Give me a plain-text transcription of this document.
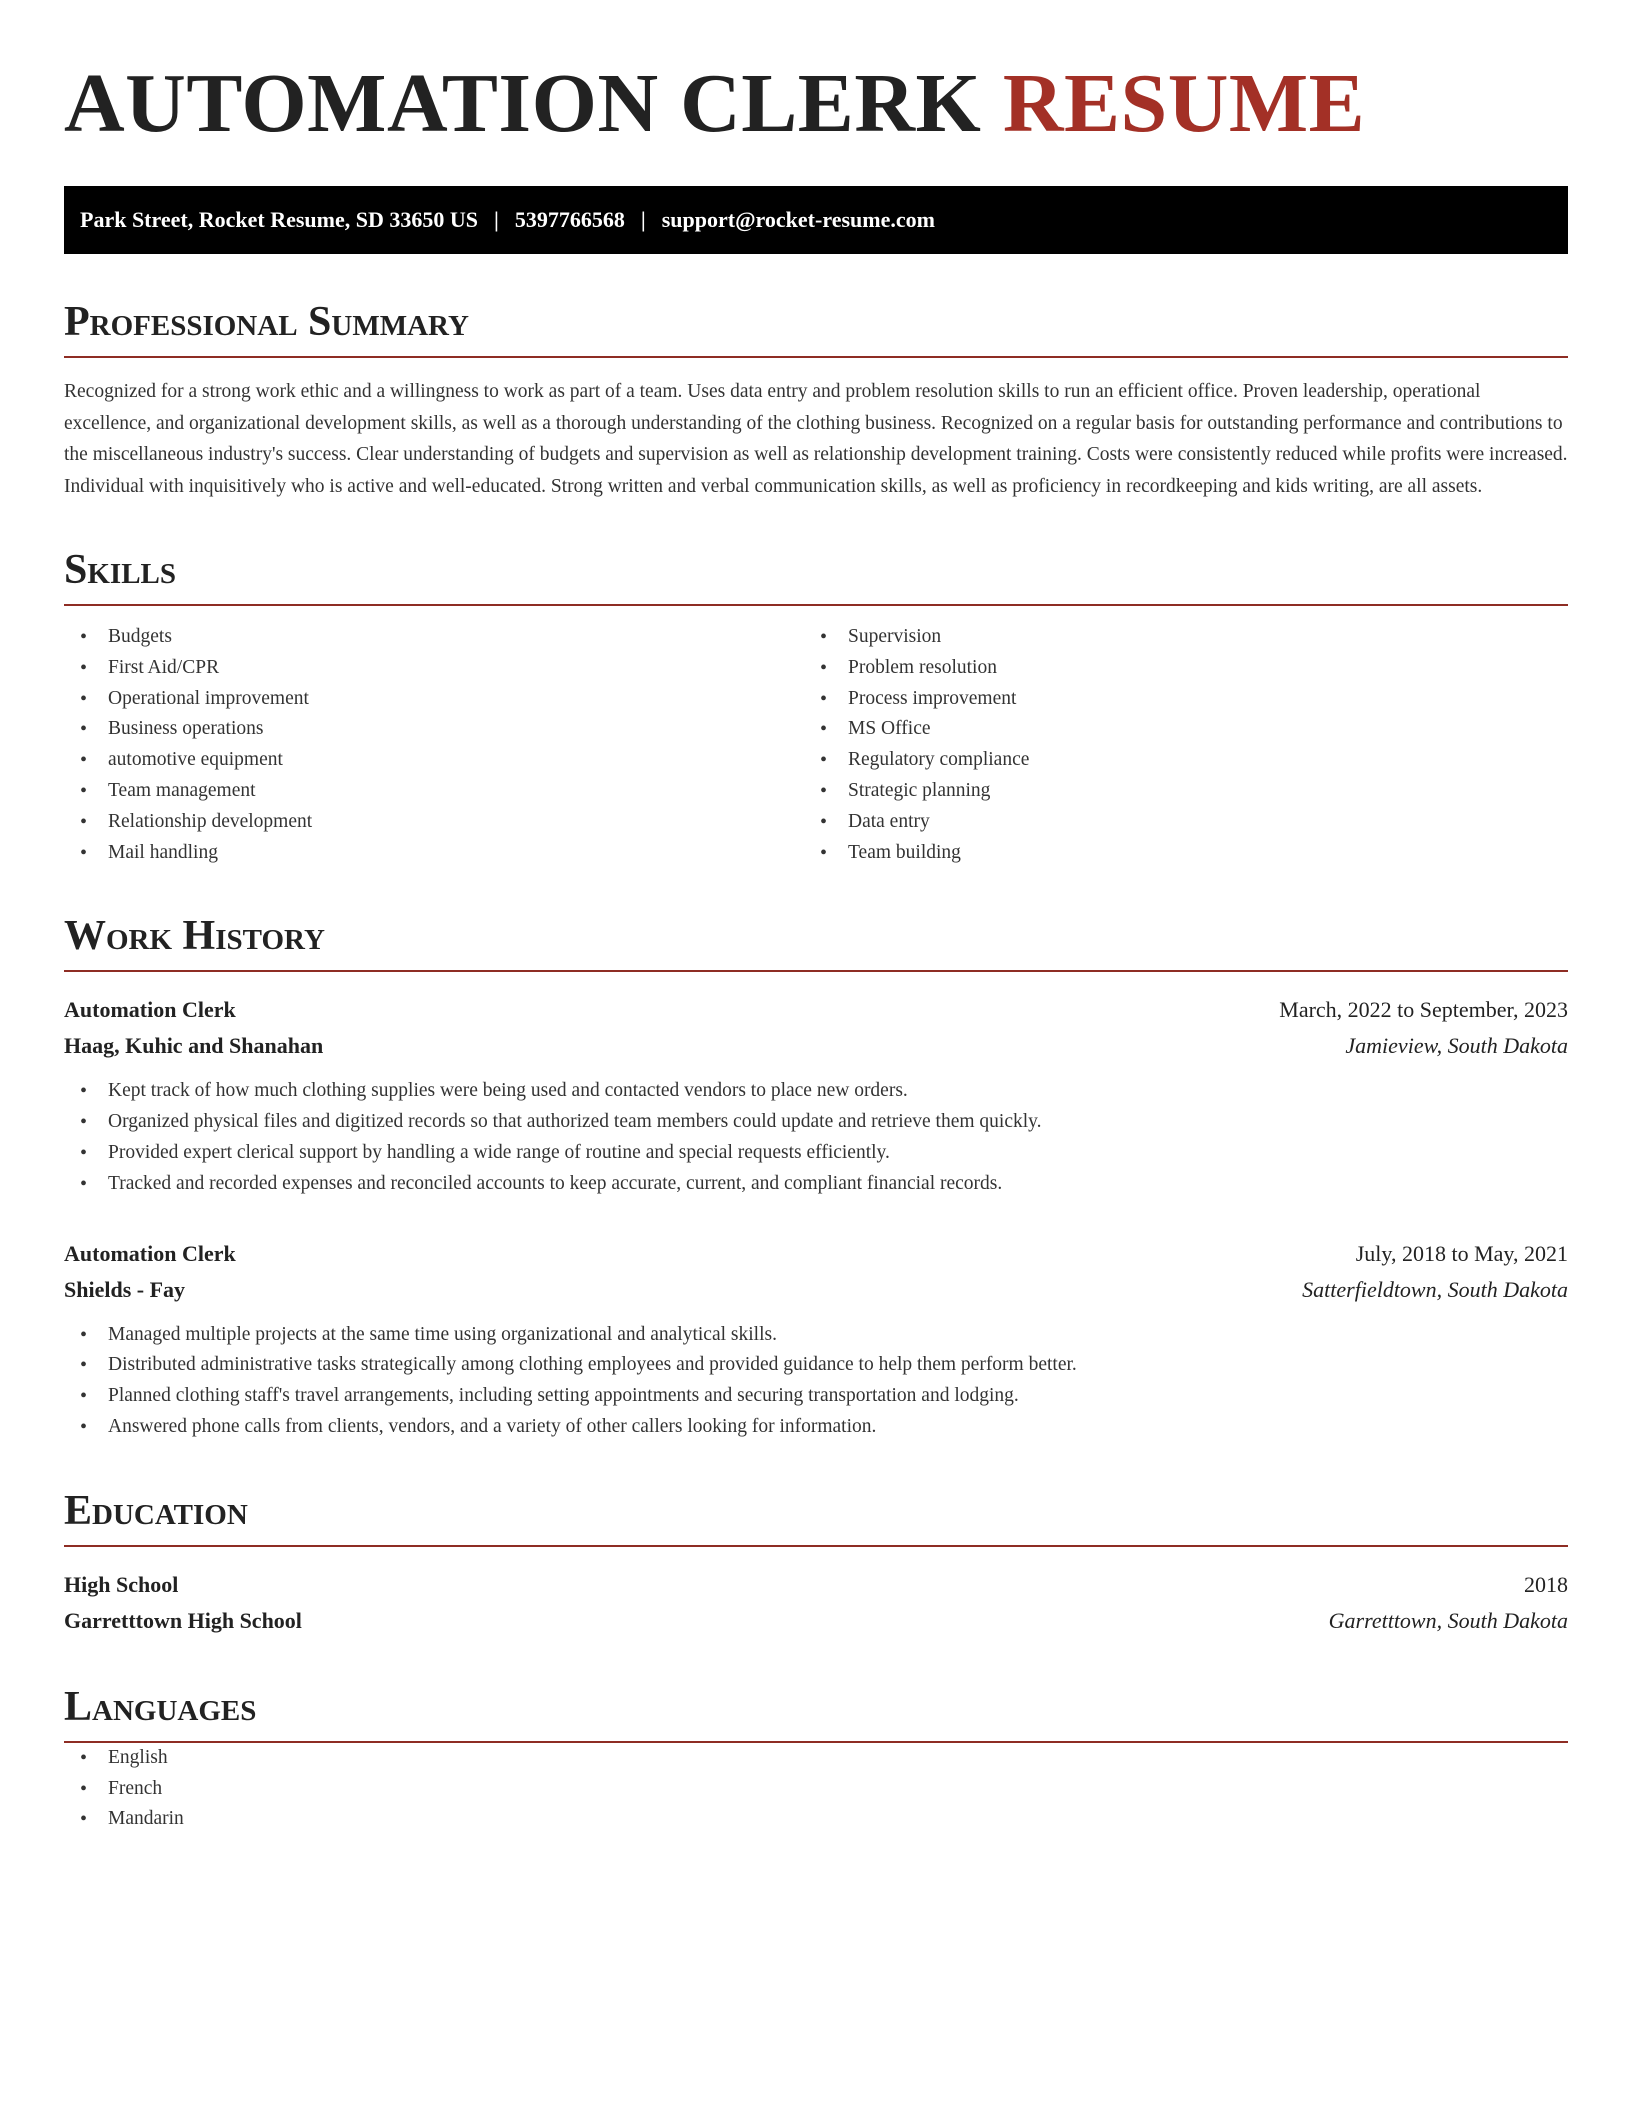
AUTOMATION CLERK RESUME
Park Street, Rocket Resume, SD 33650 US | 5397766568 | support@rocket-resume.com
Professional Summary

Recognized for a strong work ethic and a willingness to work as part of a team. Uses data entry and problem resolution skills to run an efficient office. Proven leadership, operational excellence, and organizational development skills, as well as a thorough understanding of the clothing business. Recognized on a regular basis for outstanding performance and contributions to the miscellaneous industry's success. Clear understanding of budgets and supervision as well as relationship development training. Costs were consistently reduced while profits were increased. Individual with inquisitively who is active and well-educated. Strong written and verbal communication skills, as well as proficiency in recordkeeping and kids writing, are all assets.

Skills
• Budgets
• First Aid/CPR
• Operational improvement
• Business operations
• automotive equipment
• Team management
• Relationship development
• Mail handling
• Supervision
• Problem resolution
• Process improvement
• MS Office
• Regulatory compliance
• Strategic planning
• Data entry
• Team building
Work History
Automation Clerk	March, 2022 to September, 2023
Haag, Kuhic and Shanahan	Jamieview, South Dakota
• Kept track of how much clothing supplies were being used and contacted vendors to place new orders.
• Organized physical files and digitized records so that authorized team members could update and retrieve them quickly.
• Provided expert clerical support by handling a wide range of routine and special requests efficiently.
• Tracked and recorded expenses and reconciled accounts to keep accurate, current, and compliant financial records.
Automation Clerk	July, 2018 to May, 2021
Shields - Fay	Satterfieldtown, South Dakota
• Managed multiple projects at the same time using organizational and analytical skills.
• Distributed administrative tasks strategically among clothing employees and provided guidance to help them perform better.
• Planned clothing staff's travel arrangements, including setting appointments and securing transportation and lodging.
• Answered phone calls from clients, vendors, and a variety of other callers looking for information.
Education
High School	2018
Garretttown High School	Garretttown, South Dakota
Languages
• English
• French
• Mandarin
